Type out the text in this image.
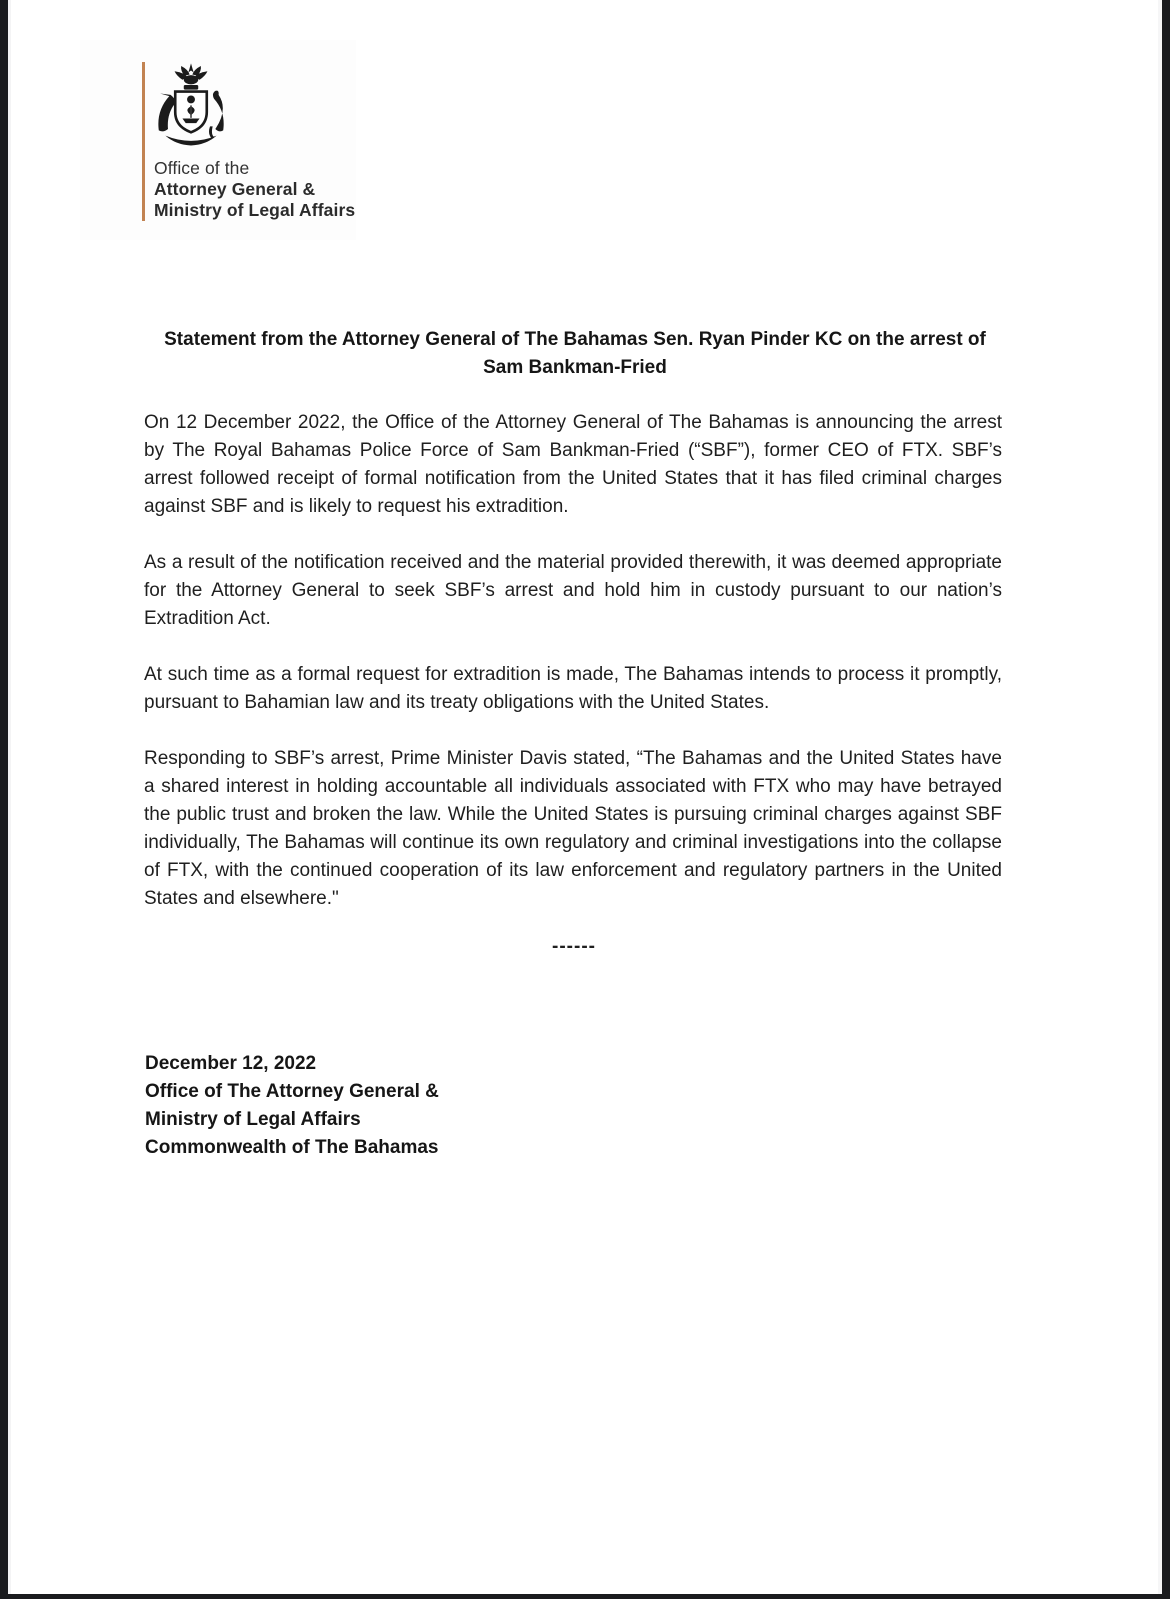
Office of the
Attorney General &
Ministry of Legal Affairs
Statement from the Attorney General of The Bahamas Sen. Ryan Pinder KC on the arrest of Sam Bankman-Fried

On 12 December 2022, the Office of the Attorney General of The Bahamas is announcing the arrest by The Royal Bahamas Police Force of Sam Bankman-Fried (“SBF”), former CEO of FTX. SBF’s arrest followed receipt of formal notification from the United States that it has filed criminal charges against SBF and is likely to request his extradition.

As a result of the notification received and the material provided therewith, it was deemed appropriate for the Attorney General to seek SBF’s arrest and hold him in custody pursuant to our nation’s Extradition Act.

At such time as a formal request for extradition is made, The Bahamas intends to process it promptly, pursuant to Bahamian law and its treaty obligations with the United States.

Responding to SBF’s arrest, Prime Minister Davis stated, “The Bahamas and the United States have a shared interest in holding accountable all individuals associated with FTX who may have betrayed the public trust and broken the law. While the United States is pursuing criminal charges against SBF individually, The Bahamas will continue its own regulatory and criminal investigations into the collapse of FTX, with the continued cooperation of its law enforcement and regulatory partners in the United States and elsewhere."

------
December 12, 2022
Office of The Attorney General &
Ministry of Legal Affairs
Commonwealth of The Bahamas
